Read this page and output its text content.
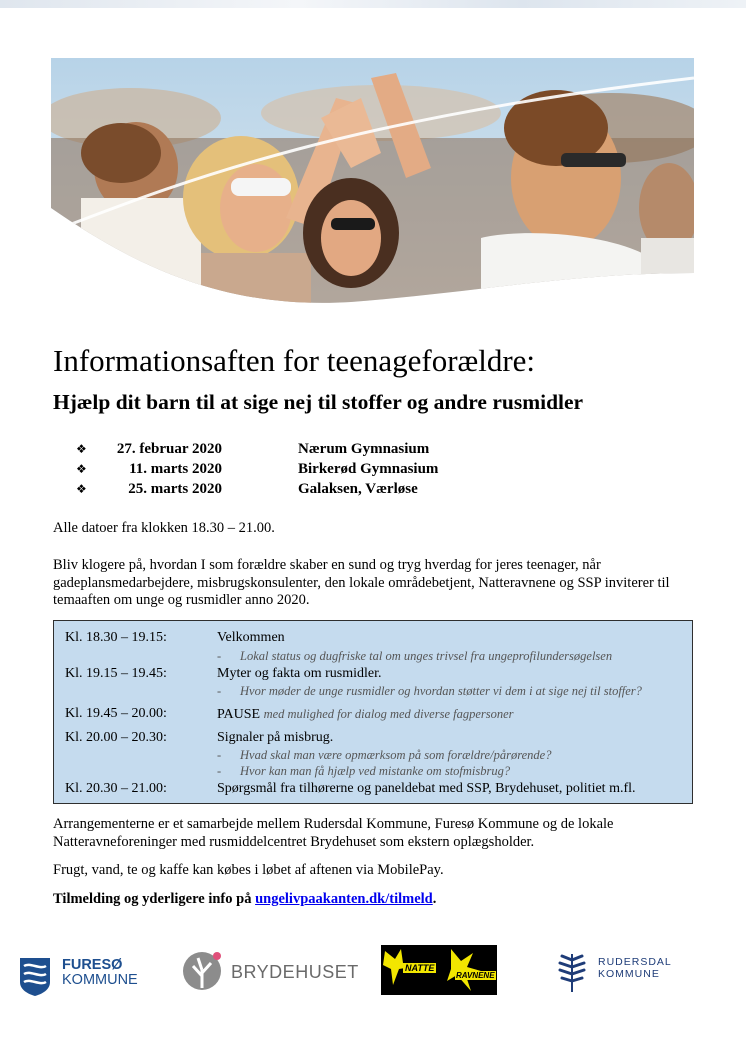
Informationsaften for teenageforældre:
Hjælp dit barn til at sige nej til stoffer og andre rusmidler
❖	27. februar 2020	Nærum Gymnasium
❖	11. marts 2020	Birkerød Gymnasium
❖	25. marts 2020	Galaksen, Værløse

Alle datoer fra klokken 18.30 – 21.00.

Bliv klogere på, hvordan I som forældre skaber en sund og tryg hverdag for jeres teenager, når gadeplansmedarbejdere, misbrugskonsulenter, den lokale områdebetjent, Natteravnene og SSP inviterer til temaaften om unge og rusmidler anno 2020.

Kl. 18.30 – 19.15:	Velkommen
- Lokal status og dugfriske tal om unges trivsel fra ungeprofilundersøgelsen
Kl. 19.15 – 19.45:	Myter og fakta om rusmidler.
- Hvor møder de unge rusmidler og hvordan støtter vi dem i at sige nej til stoffer?
Kl. 19.45 – 20.00:	PAUSE med mulighed for dialog med diverse fagpersoner
Kl. 20.00 – 20.30:	Signaler på misbrug.
- Hvad skal man være opmærksom på som forældre/pårørende?
- Hvor kan man få hjælp ved mistanke om stofmisbrug?
Kl. 20.30 – 21.00:	Spørgsmål fra tilhørerne og paneldebat med SSP, Brydehuset, politiet m.fl.

Arrangementerne er et samarbejde mellem Rudersdal Kommune, Furesø Kommune og de lokale Natteravneforeninger med rusmiddelcentret Brydehuset som ekstern oplægsholder.

Frugt, vand, te og kaffe kan købes i løbet af aftenen via MobilePay.

Tilmelding og yderligere info på ungelivpaakanten.dk/tilmeld.
FURESØ
KOMMUNE	BRYDEHUSET	NATTE
RAVNENE
RUDERSDAL
KOMMUNE
